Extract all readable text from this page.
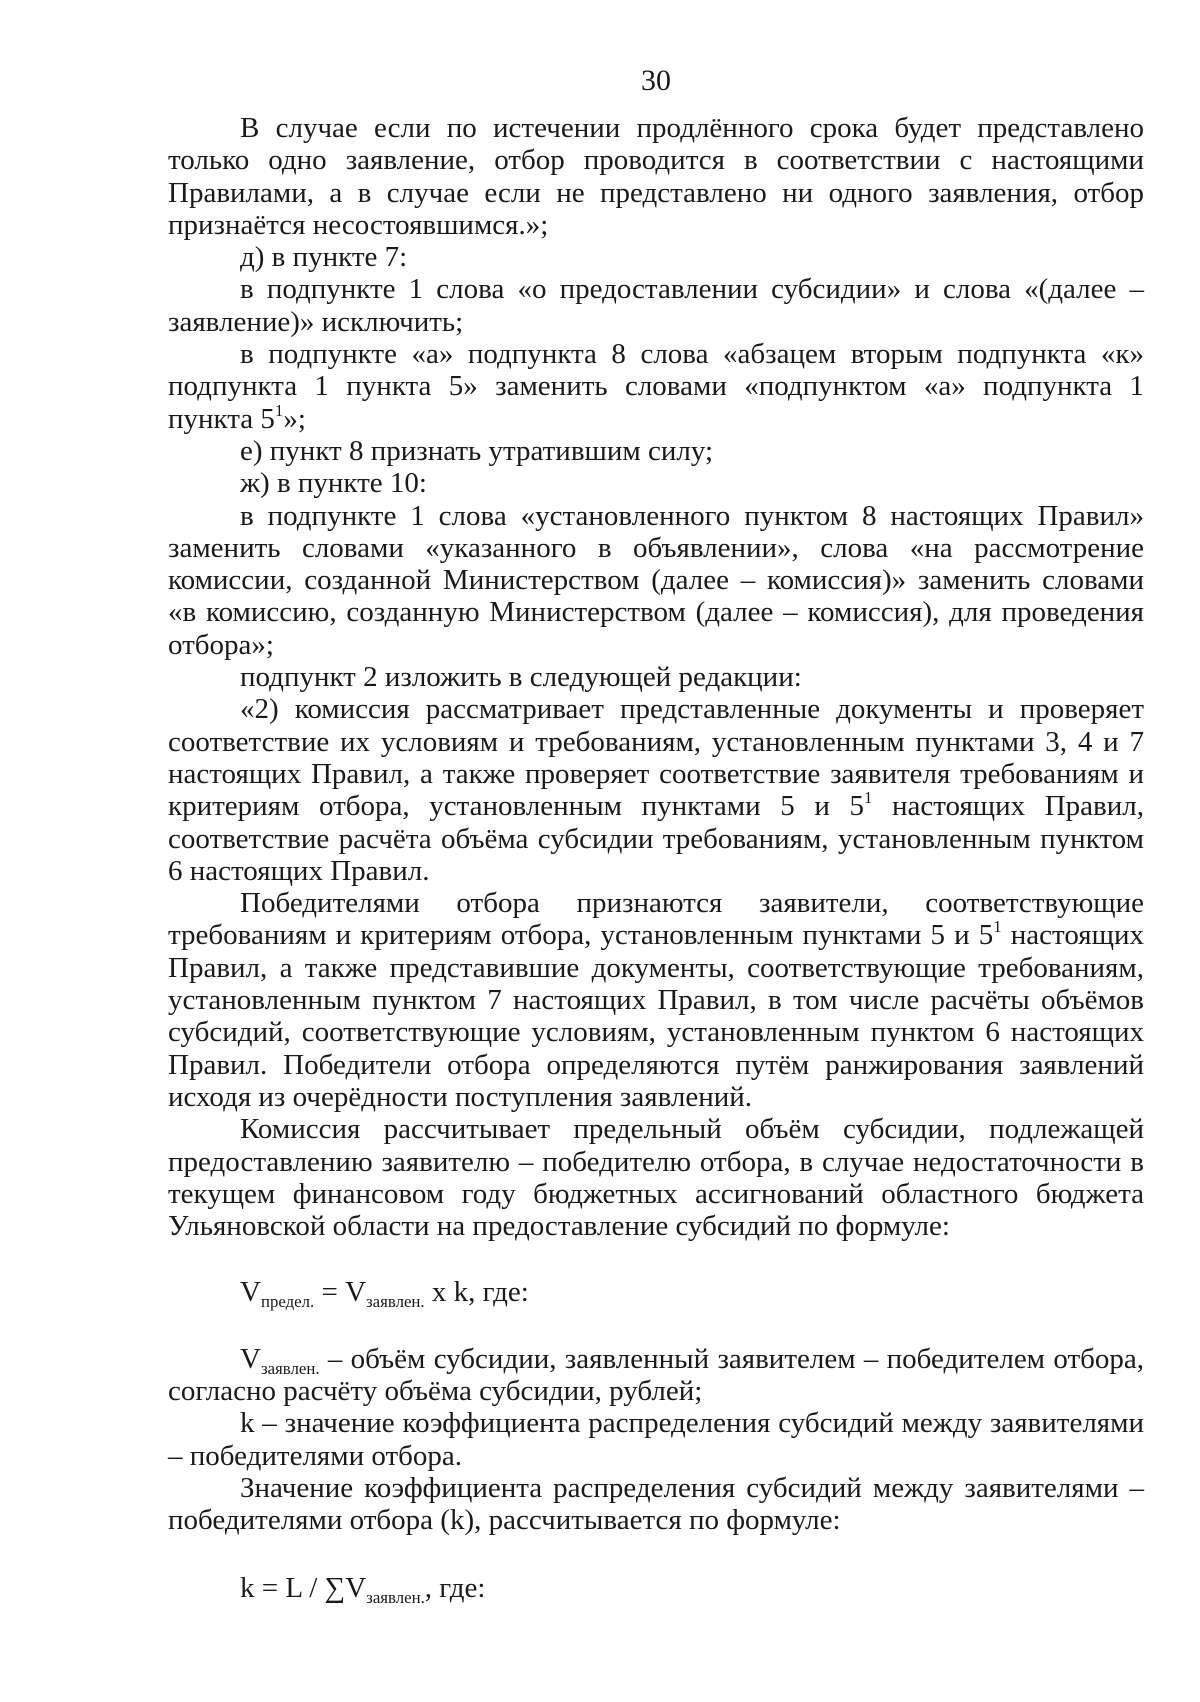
30

В случае если по истечении продлённого срока будет представлено только одно заявление, отбор проводится в соответствии с настоящими Правилами, а в случае если не представлено ни одного заявления, отбор признаётся несостоявшимся.»;

д) в пункте 7:

в подпункте 1 слова «о предоставлении субсидии» и слова «(далее – заявление)» исключить;

в подпункте «а» подпункта 8 слова «абзацем вторым подпункта «к» подпункта 1 пункта 5» заменить словами «подпунктом «а» подпункта 1 пункта $5^1$»;

е) пункт 8 признать утратившим силу;

ж) в пункте 10:

в подпункте 1 слова «установленного пунктом 8 настоящих Правил» заменить словами «указанного в объявлении», слова «на рассмотрение комиссии, созданной Министерством (далее – комиссия)» заменить словами «в комиссию, созданную Министерством (далее – комиссия), для проведения отбора»;

подпункт 2 изложить в следующей редакции:

«2) комиссия рассматривает представленные документы и проверяет соответствие их условиям и требованиям, установленным пунктами 3, 4 и 7 настоящих Правил, а также проверяет соответствие заявителя требованиям и критериям отбора, установленным пунктами 5 и $5^1$ настоящих Правил, соответствие расчёта объёма субсидии требованиям, установленным пунктом 6 настоящих Правил.

Победителями отбора признаются заявители, соответствующие требованиям и критериям отбора, установленным пунктами 5 и $5^1$ настоящих Правил, а также представившие документы, соответствующие требованиям, установленным пунктом 7 настоящих Правил, в том числе расчёты объёмов субсидий, соответствующие условиям, установленным пунктом 6 настоящих Правил. Победители отбора определяются путём ранжирования заявлений исходя из очерёдности поступления заявлений.

Комиссия рассчитывает предельный объём субсидии, подлежащей предоставлению заявителю – победителю отбора, в случае недостаточности в текущем финансовом году бюджетных ассигнований областного бюджета Ульяновской области на предоставление субсидий по формуле:

$V_{предел.} = V_{заявлен.}$ x k, где:

$V_{заявлен.}$ – объём субсидии, заявленный заявителем – победителем отбора, согласно расчёту объёма субсидии, рублей;

k – значение коэффициента распределения субсидий между заявителями – победителями отбора.

Значение коэффициента распределения субсидий между заявителями – победителями отбора (k), рассчитывается по формуле:

$k = L / \sum V_{заявлен.}$, где:
